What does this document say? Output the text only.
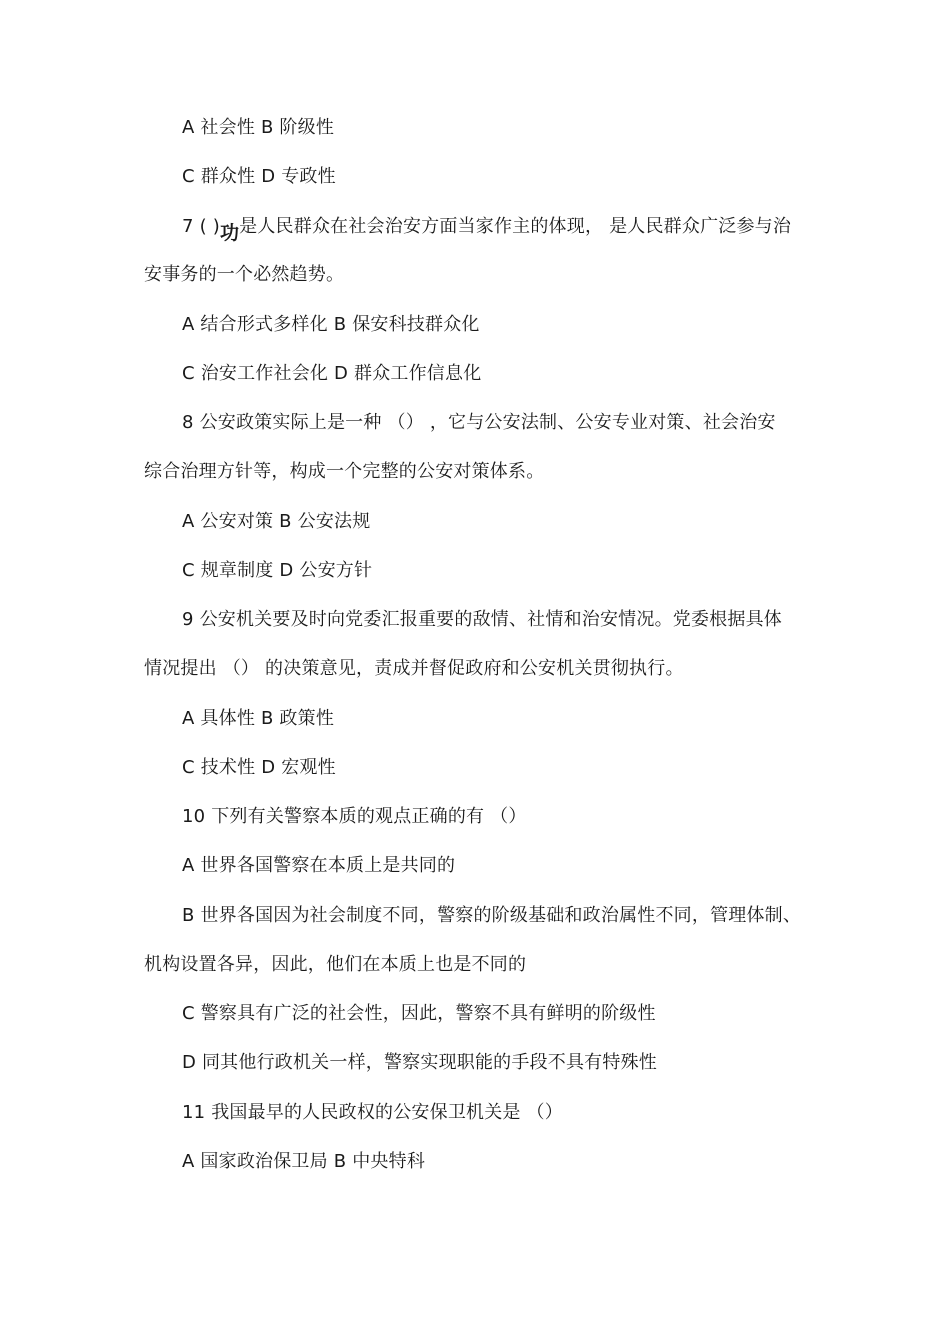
A 社会性 B 阶级性
C 群众性 D 专政性
7 ( )功是人民群众在社会治安方面当家作主的体现， 是人民群众广泛参与治
安事务的一个必然趋势。
A 结合形式多样化 B 保安科技群众化
C 治安工作社会化 D 群众工作信息化
8 公安政策实际上是一种 （） ，它与公安法制、公安专业对策、社会治安
综合治理方针等，构成一个完整的公安对策体系。
A 公安对策 B 公安法规
C 规章制度 D 公安方针
9 公安机关要及时向党委汇报重要的敌情、社情和治安情况。党委根据具体
情况提出 （） 的决策意见，责成并督促政府和公安机关贯彻执行。
A 具体性 B 政策性
C 技术性 D 宏观性
10 下列有关警察本质的观点正确的有 （）
A 世界各国警察在本质上是共同的
B 世界各国因为社会制度不同，警察的阶级基础和政治属性不同，管理体制、
机构设置各异，因此，他们在本质上也是不同的
C 警察具有广泛的社会性，因此，警察不具有鲜明的阶级性
D 同其他行政机关一样，警察实现职能的手段不具有特殊性
11 我国最早的人民政权的公安保卫机关是 （）
A 国家政治保卫局 B 中央特科
